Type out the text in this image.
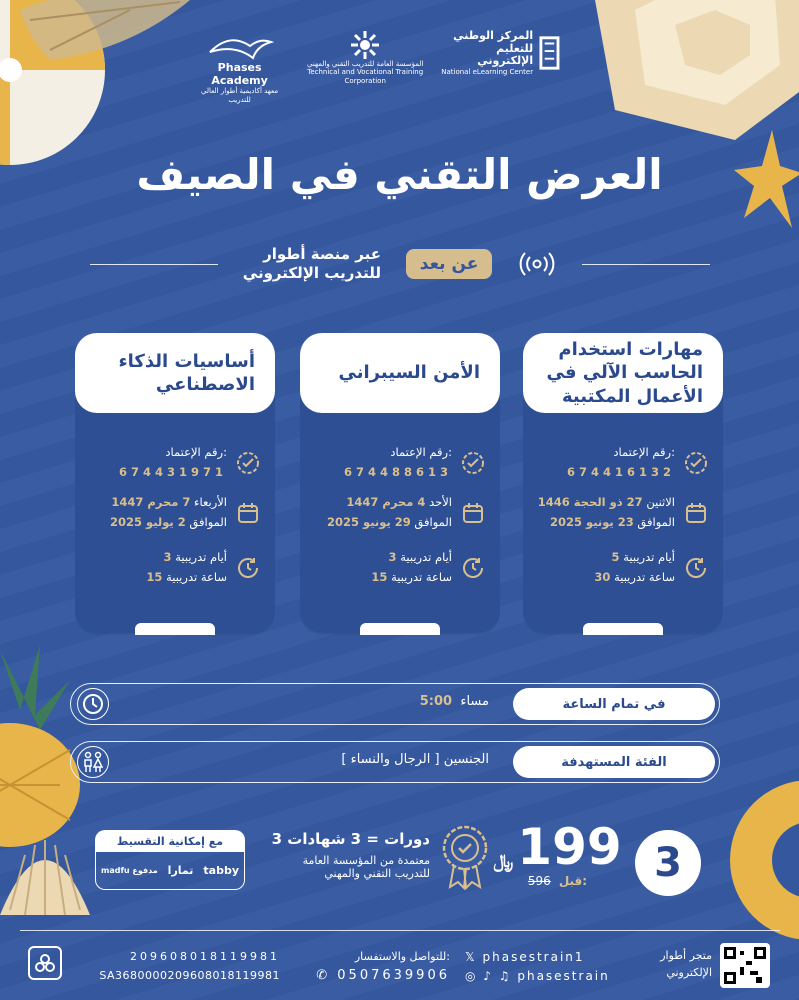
Phases Academy
معهد أكاديمية أطوار العالي للتدريب
المؤسسة العامة للتدريب التقني والمهني
Technical and Vocational Training Corporation
المركز الوطني
للتعليم الإلكتروني
National eLearning Center
العرض التقني في الصيف
عبر منصة أطوار
للتدريب الإلكتروني	عن بعد
أساسيات الذكاء
الاصطناعي
رقم الإعتماد:
674431971
الأربعاء 7 محرم 1447
الموافق 2 يوليو 2025
3 أيام تدريبية
15 ساعة تدريبية
الأمن السيبراني
رقم الإعتماد:
674488613
الأحد 4 محرم 1447
الموافق 29 يونيو 2025
3 أيام تدريبية
15 ساعة تدريبية
مهارات استخدام
الحاسب الآلي في
الأعمال المكتبية
رقم الإعتماد:
674416132
الاثنين 27 ذو الحجة 1446
الموافق 23 يونيو 2025
5 أيام تدريبية
30 ساعة تدريبية
في تمام الساعة
5:00 مساء
الفئة المستهدفة
الجنسين [ الرجال والنساء ]
3
﷼ 199
596 قبل:
3 دورات = 3 شهادات
معتمدة من المؤسسة العامة
للتدريب التقني والمهني
مع إمكانية التقسيط
tabby
تمارا
madfu مدفوع
متجر أطوار
الإلكتروني
𝕏 phasestrain1
◎ ♪ ♫ phasestrain
للتواصل والاستفسار:
✆ 0507639906
209608018119981
SA3680000209608018119981
